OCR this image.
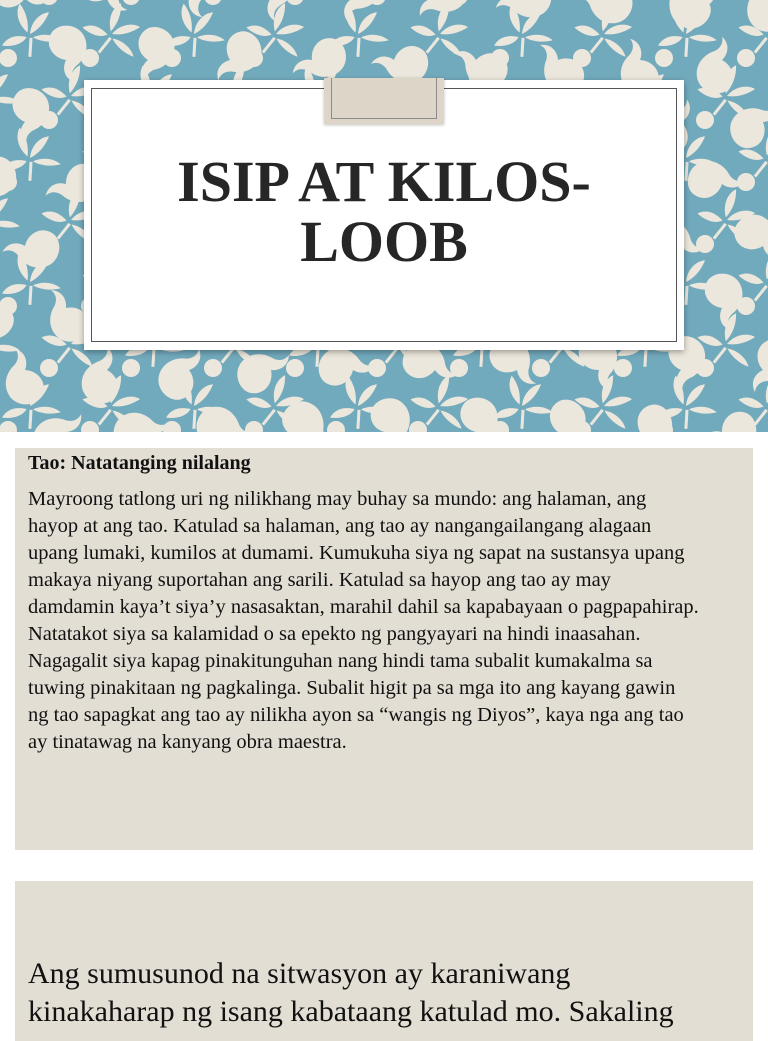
ISIP AT KILOS-
LOOB
Tao: Natatanging nilalang
Mayroong tatlong uri ng nilikhang may buhay sa mundo: ang halaman, ang
hayop at ang tao. Katulad sa halaman, ang tao ay nangangailangang alagaan
upang lumaki, kumilos at dumami. Kumukuha siya ng sapat na sustansya upang
makaya niyang suportahan ang sarili. Katulad sa hayop ang tao ay may
damdamin kaya’t siya’y nasasaktan, marahil dahil sa kapabayaan o pagpapahirap.
Natatakot siya sa kalamidad o sa epekto ng pangyayari na hindi inaasahan.
Nagagalit siya kapag pinakitunguhan nang hindi tama subalit kumakalma sa
tuwing pinakitaan ng pagkalinga. Subalit higit pa sa mga ito ang kayang gawin
ng tao sapagkat ang tao ay nilikha ayon sa “wangis ng Diyos”, kaya nga ang tao
ay tinatawag na kanyang obra maestra.
Ang sumusunod na sitwasyon ay karaniwang
kinakaharap ng isang kabataang katulad mo. Sakaling
